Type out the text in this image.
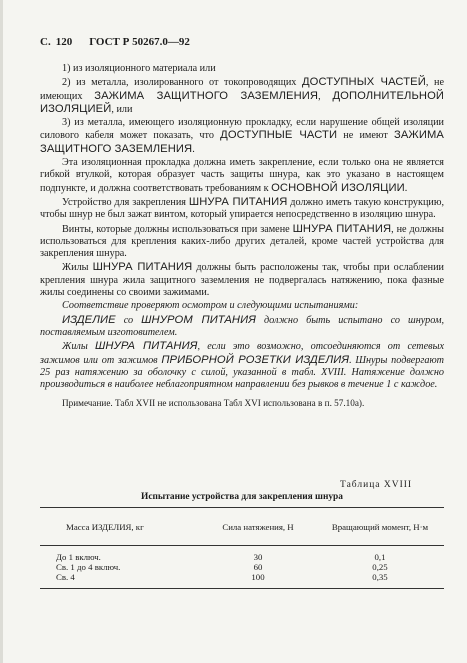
С. 120 ГОСТ Р 50267.0—92

1) из изоляционного материала или

2) из металла, изолированного от токопроводящих ДОСТУПНЫХ ЧАСТЕЙ, не имеющих ЗАЖИМА ЗАЩИТНОГО ЗАЗЕМЛЕНИЯ, ДОПОЛНИТЕЛЬНОЙ ИЗОЛЯЦИЕЙ, или

3) из металла, имеющего изоляционную прокладку, если нарушение общей изоляции силового кабеля может показать, что ДОСТУПНЫЕ ЧАСТИ не имеют ЗАЖИМА ЗАЩИТНОГО ЗАЗЕМЛЕНИЯ.

Эта изоляционная прокладка должна иметь закрепление, если только она не является гибкой втулкой, которая образует часть защиты шнура, как это указано в настоящем подпункте, и должна соответствовать требованиям к ОСНОВНОЙ ИЗОЛЯЦИИ.

Устройство для закрепления ШНУРА ПИТАНИЯ должно иметь такую конструкцию, чтобы шнур не был зажат винтом, который упирается непосредственно в изоляцию шнура.

Винты, которые должны использоваться при замене ШНУРА ПИТАНИЯ, не должны использоваться для крепления каких-либо других деталей, кроме частей устройства для закрепления шнура.

Жилы ШНУРА ПИТАНИЯ должны быть расположены так, чтобы при ослаблении крепления шнура жила защитного заземления не подвергалась натяжению, пока фазные жилы соединены со своими зажимами.

Соответствие проверяют осмотром и следующими испытаниями:

ИЗДЕЛИЕ со ШНУРОМ ПИТАНИЯ должно быть испытано со шнуром, поставляемым изготовителем.

Жилы ШНУРА ПИТАНИЯ, если это возможно, отсоединяются от сетевых зажимов или от зажимов ПРИБОРНОЙ РОЗЕТКИ ИЗДЕЛИЯ. Шнуры подвергают 25 раз натяжению за оболочку с силой, указанной в табл. XVIII. Натяжение должно производиться в наиболее неблагоприятном направлении без рывков в течение 1 с каждое.

Примечание. Табл XVII не использована Табл XVI использована в п. 57.10а).

Таблица XVIII
Испытание устройства для закрепления шнура
Масса ИЗДЕЛИЯ, кг	Сила натяжения, Н	Вращающий момент, Н·м
До 1 включ.	30	0,1
Св. 1 до 4 включ.	60	0,25
Св. 4	100	0,35
